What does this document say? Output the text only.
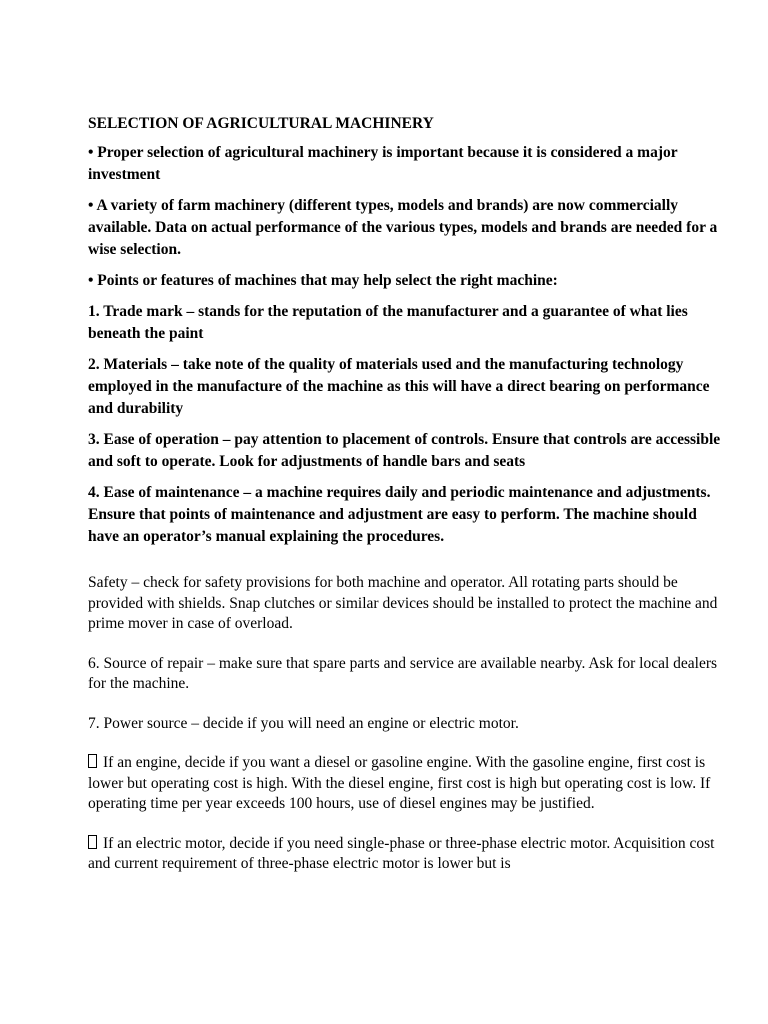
SELECTION OF AGRICULTURAL MACHINERY

• Proper selection of agricultural machinery is important because it is considered a major investment

• A variety of farm machinery (different types, models and brands) are now commercially available. Data on actual performance of the various types, models and brands are needed for a wise selection.

• Points or features of machines that may help select the right machine:

1. Trade mark – stands for the reputation of the manufacturer and a guarantee of what lies beneath the paint

2. Materials – take note of the quality of materials used and the manufacturing technology employed in the manufacture of the machine as this will have a direct bearing on performance and durability

3. Ease of operation – pay attention to placement of controls. Ensure that controls are accessible and soft to operate. Look for adjustments of handle bars and seats

4. Ease of maintenance – a machine requires daily and periodic maintenance and adjustments. Ensure that points of maintenance and adjustment are easy to perform. The machine should have an operator’s manual explaining the procedures.

Safety – check for safety provisions for both machine and operator. All rotating parts should be provided with shields. Snap clutches or similar devices should be installed to protect the machine and prime mover in case of overload.

6. Source of repair – make sure that spare parts and service are available nearby. Ask for local dealers for the machine.

7. Power source – decide if you will need an engine or electric motor.

If an engine, decide if you want a diesel or gasoline engine. With the gasoline engine, first cost is lower but operating cost is high. With the diesel engine, first cost is high but operating cost is low. If operating time per year exceeds 100 hours, use of diesel engines may be justified.

If an electric motor, decide if you need single-phase or three-phase electric motor. Acquisition cost and current requirement of three-phase electric motor is lower but is
